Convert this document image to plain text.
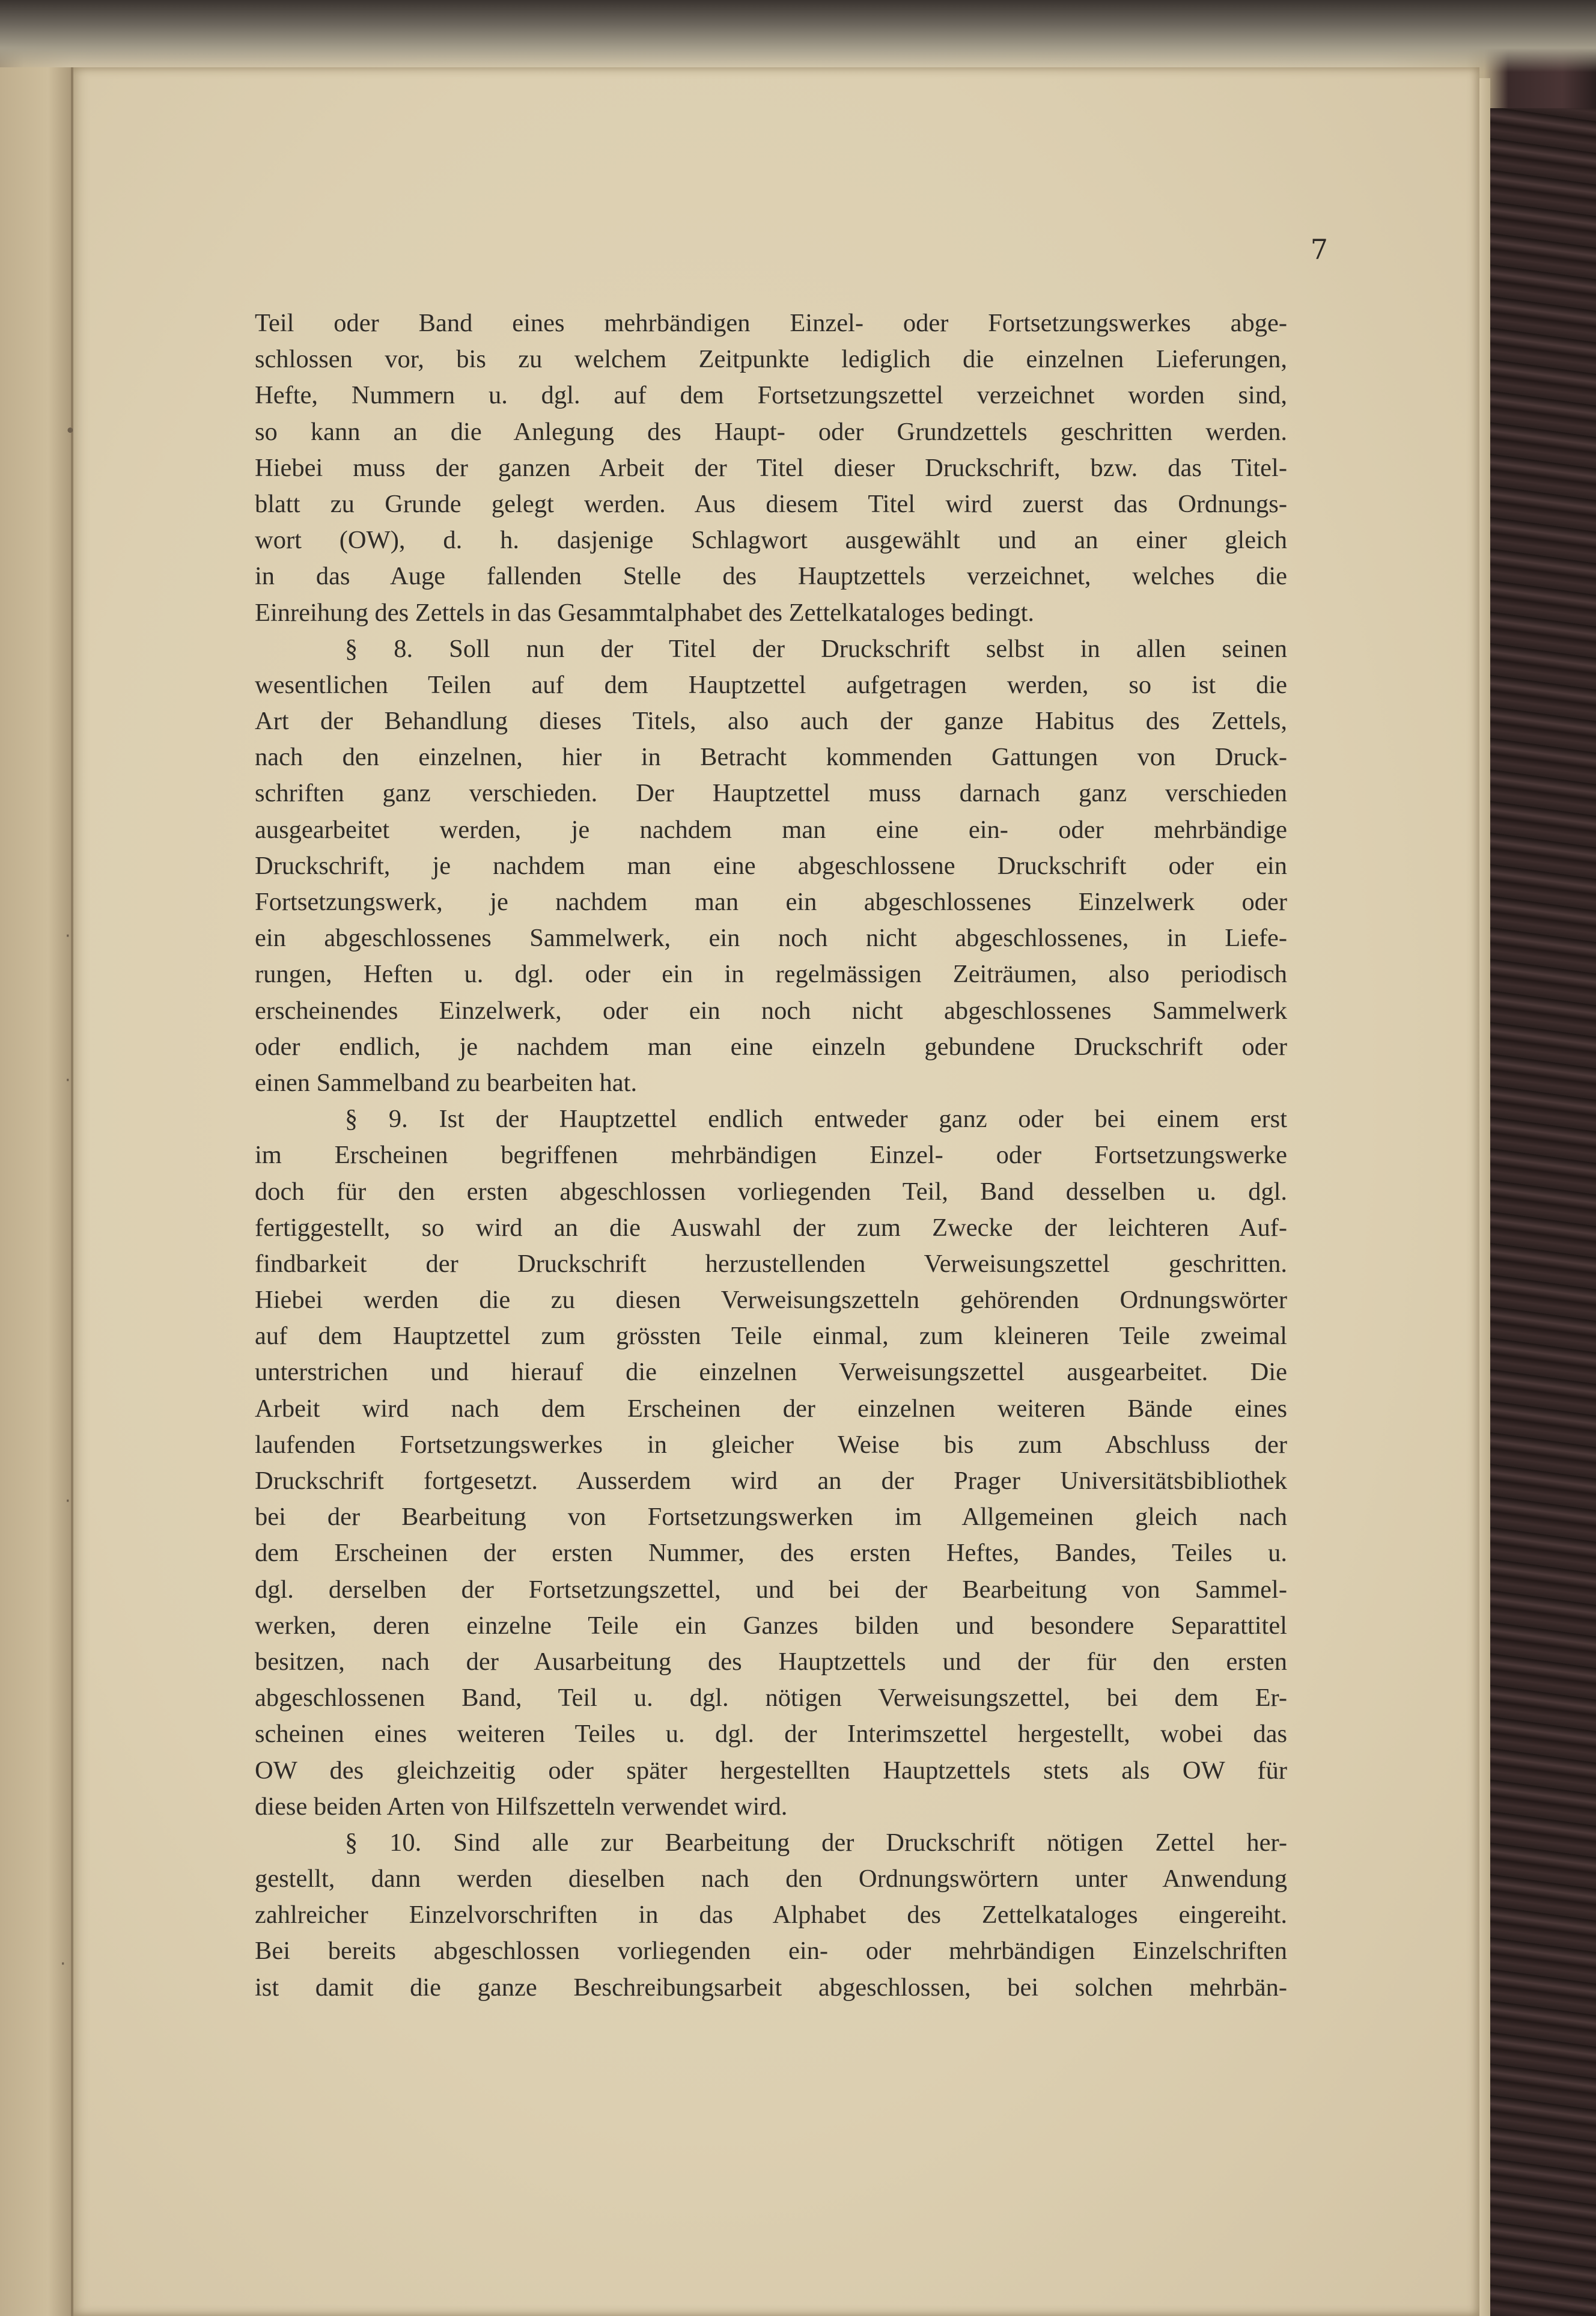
•
·
·
·
·
7
Teil oder Band eines mehrbändigen Einzel- oder Fortsetzungswerkes abge-
schlossen vor, bis zu welchem Zeitpunkte lediglich die einzelnen Lieferungen,
Hefte, Nummern u. dgl. auf dem Fortsetzungszettel verzeichnet worden sind,
so kann an die Anlegung des Haupt- oder Grundzettels geschritten werden.
Hiebei muss der ganzen Arbeit der Titel dieser Druckschrift, bzw. das Titel-
blatt zu Grunde gelegt werden. Aus diesem Titel wird zuerst das Ordnungs-
wort (OW), d. h. dasjenige Schlagwort ausgewählt und an einer gleich
in das Auge fallenden Stelle des Hauptzettels verzeichnet, welches die
Einreihung des Zettels in das Gesammtalphabet des Zettelkataloges bedingt.
§ 8. Soll nun der Titel der Druckschrift selbst in allen seinen
wesentlichen Teilen auf dem Hauptzettel aufgetragen werden, so ist die
Art der Behandlung dieses Titels, also auch der ganze Habitus des Zettels,
nach den einzelnen, hier in Betracht kommenden Gattungen von Druck-
schriften ganz verschieden. Der Hauptzettel muss darnach ganz verschieden
ausgearbeitet werden, je nachdem man eine ein- oder mehrbändige
Druckschrift, je nachdem man eine abgeschlossene Druckschrift oder ein
Fortsetzungswerk, je nachdem man ein abgeschlossenes Einzelwerk oder
ein abgeschlossenes Sammelwerk, ein noch nicht abgeschlossenes, in Liefe-
rungen, Heften u. dgl. oder ein in regelmässigen Zeiträumen, also periodisch
erscheinendes Einzelwerk, oder ein noch nicht abgeschlossenes Sammelwerk
oder endlich, je nachdem man eine einzeln gebundene Druckschrift oder
einen Sammelband zu bearbeiten hat.
§ 9. Ist der Hauptzettel endlich entweder ganz oder bei einem erst
im Erscheinen begriffenen mehrbändigen Einzel- oder Fortsetzungswerke
doch für den ersten abgeschlossen vorliegenden Teil, Band desselben u. dgl.
fertiggestellt, so wird an die Auswahl der zum Zwecke der leichteren Auf-
findbarkeit der Druckschrift herzustellenden Verweisungszettel geschritten.
Hiebei werden die zu diesen Verweisungszetteln gehörenden Ordnungswörter
auf dem Hauptzettel zum grössten Teile einmal, zum kleineren Teile zweimal
unterstrichen und hierauf die einzelnen Verweisungszettel ausgearbeitet. Die
Arbeit wird nach dem Erscheinen der einzelnen weiteren Bände eines
laufenden Fortsetzungswerkes in gleicher Weise bis zum Abschluss der
Druckschrift fortgesetzt. Ausserdem wird an der Prager Universitätsbibliothek
bei der Bearbeitung von Fortsetzungswerken im Allgemeinen gleich nach
dem Erscheinen der ersten Nummer, des ersten Heftes, Bandes, Teiles u.
dgl. derselben der Fortsetzungszettel, und bei der Bearbeitung von Sammel-
werken, deren einzelne Teile ein Ganzes bilden und besondere Separattitel
besitzen, nach der Ausarbeitung des Hauptzettels und der für den ersten
abgeschlossenen Band, Teil u. dgl. nötigen Verweisungszettel, bei dem Er-
scheinen eines weiteren Teiles u. dgl. der Interimszettel hergestellt, wobei das
OW des gleichzeitig oder später hergestellten Hauptzettels stets als OW für
diese beiden Arten von Hilfszetteln verwendet wird.
§ 10. Sind alle zur Bearbeitung der Druckschrift nötigen Zettel her-
gestellt, dann werden dieselben nach den Ordnungswörtern unter Anwendung
zahlreicher Einzelvorschriften in das Alphabet des Zettelkataloges eingereiht.
Bei bereits abgeschlossen vorliegenden ein- oder mehrbändigen Einzelschriften
ist damit die ganze Beschreibungsarbeit abgeschlossen, bei solchen mehrbän-
